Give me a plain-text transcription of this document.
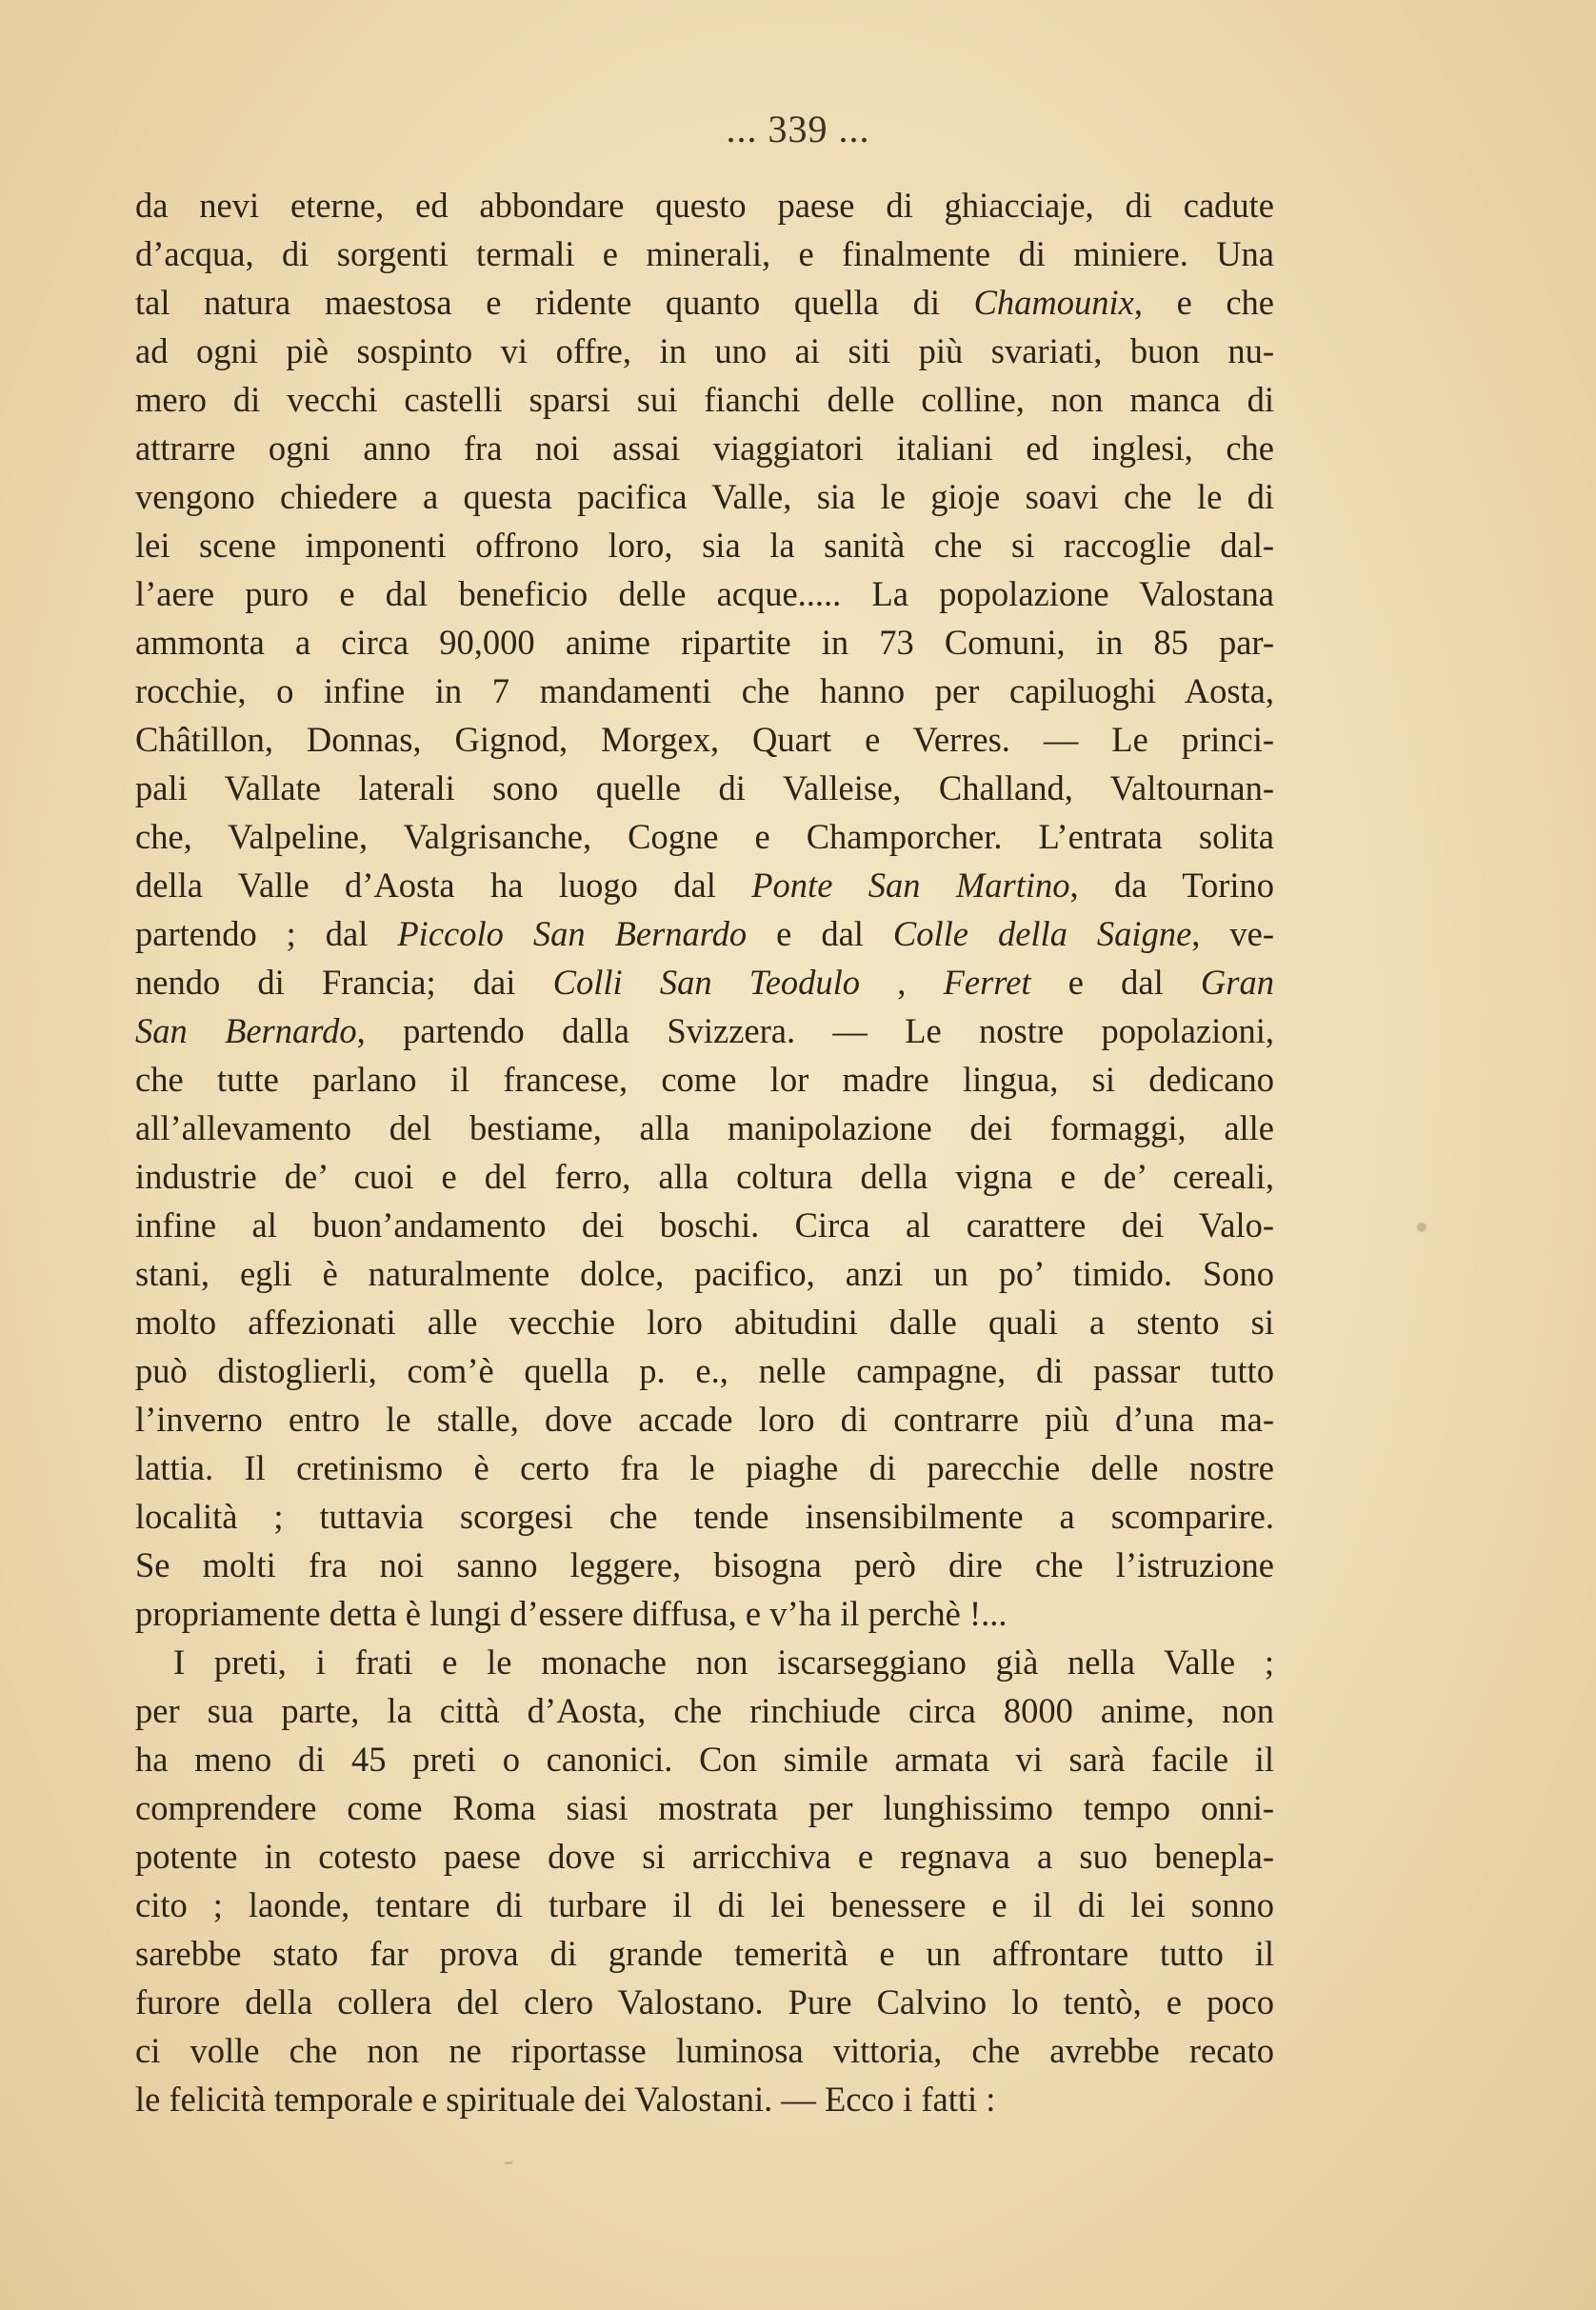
... 339 ...
da nevi eterne, ed abbondare questo paese di ghiacciaje, di cadute
d’acqua, di sorgenti termali e minerali, e finalmente di miniere. Una
tal natura maestosa e ridente quanto quella di Chamounix, e che
ad ogni piè sospinto vi offre, in uno ai siti più svariati, buon nu-
mero di vecchi castelli sparsi sui fianchi delle colline, non manca di
attrarre ogni anno fra noi assai viaggiatori italiani ed inglesi, che
vengono chiedere a questa pacifica Valle, sia le gioje soavi che le di
lei scene imponenti offrono loro, sia la sanità che si raccoglie dal-
l’aere puro e dal beneficio delle acque..... La popolazione Valostana
ammonta a circa 90,000 anime ripartite in 73 Comuni, in 85 par-
rocchie, o infine in 7 mandamenti che hanno per capiluoghi Aosta,
Châtillon, Donnas, Gignod, Morgex, Quart e Verres. — Le princi-
pali Vallate laterali sono quelle di Valleise, Challand, Valtournan-
che, Valpeline, Valgrisanche, Cogne e Champorcher. L’entrata solita
della Valle d’Aosta ha luogo dal Ponte San Martino, da Torino
partendo ; dal Piccolo San Bernardo e dal Colle della Saigne, ve-
nendo di Francia; dai Colli San Teodulo , Ferret e dal Gran
San Bernardo, partendo dalla Svizzera. — Le nostre popolazioni,
che tutte parlano il francese, come lor madre lingua, si dedicano
all’allevamento del bestiame, alla manipolazione dei formaggi, alle
industrie de’ cuoi e del ferro, alla coltura della vigna e de’ cereali,
infine al buon’andamento dei boschi. Circa al carattere dei Valo-
stani, egli è naturalmente dolce, pacifico, anzi un po’ timido. Sono
molto affezionati alle vecchie loro abitudini dalle quali a stento si
può distoglierli, com’è quella p. e., nelle campagne, di passar tutto
l’inverno entro le stalle, dove accade loro di contrarre più d’una ma-
lattia. Il cretinismo è certo fra le piaghe di parecchie delle nostre
località ; tuttavia scorgesi che tende insensibilmente a scomparire.
Se molti fra noi sanno leggere, bisogna però dire che l’istruzione
propriamente detta è lungi d’essere diffusa, e v’ha il perchè !...
I preti, i frati e le monache non iscarseggiano già nella Valle ;
per sua parte, la città d’Aosta, che rinchiude circa 8000 anime, non
ha meno di 45 preti o canonici. Con simile armata vi sarà facile il
comprendere come Roma siasi mostrata per lunghissimo tempo onni-
potente in cotesto paese dove si arricchiva e regnava a suo benepla-
cito ; laonde, tentare di turbare il di lei benessere e il di lei sonno
sarebbe stato far prova di grande temerità e un affrontare tutto il
furore della collera del clero Valostano. Pure Calvino lo tentò, e poco
ci volle che non ne riportasse luminosa vittoria, che avrebbe recato
le felicità temporale e spirituale dei Valostani. — Ecco i fatti :
